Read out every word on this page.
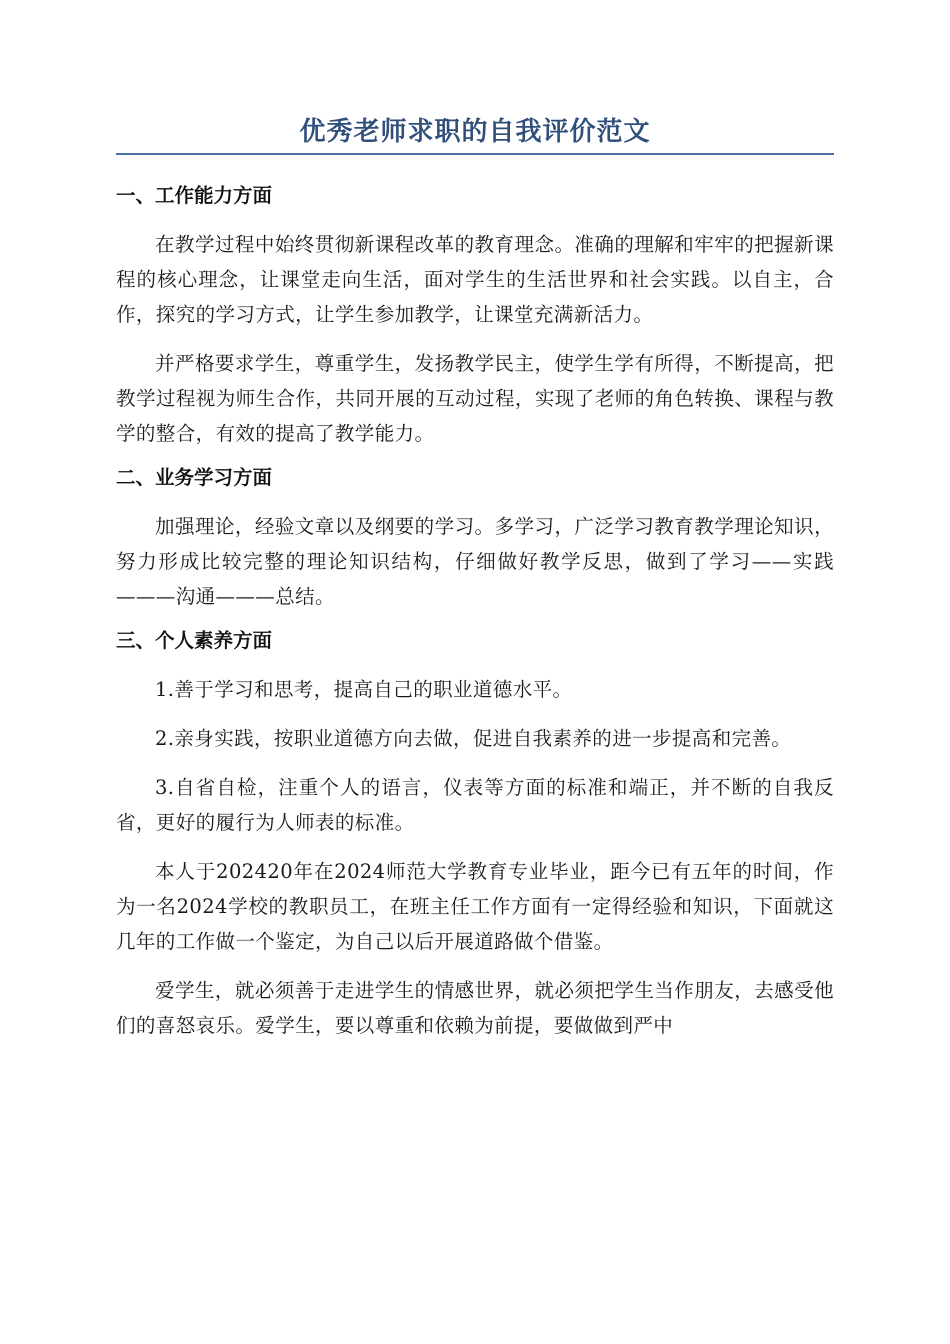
优秀老师求职的自我评价范文
一、工作能力方面

在教学过程中始终贯彻新课程改革的教育理念。准确的理解和牢牢的把握新课程的核心理念，让课堂走向生活，面对学生的生活世界和社会实践。以自主，合作，探究的学习方式，让学生参加教学，让课堂充满新活力。

并严格要求学生，尊重学生，发扬教学民主，使学生学有所得，不断提高，把教学过程视为师生合作，共同开展的互动过程，实现了老师的角色转换、课程与教学的整合，有效的提高了教学能力。

二、业务学习方面

加强理论，经验文章以及纲要的学习。多学习，广泛学习教育教学理论知识，努力形成比较完整的理论知识结构，仔细做好教学反思，做到了学习——实践———沟通———总结。

三、个人素养方面

1.善于学习和思考，提高自己的职业道德水平。

2.亲身实践，按职业道德方向去做，促进自我素养的进一步提高和完善。

3.自省自检，注重个人的语言，仪表等方面的标准和端正，并不断的自我反省，更好的履行为人师表的标准。

本人于202420年在2024师范大学教育专业毕业，距今已有五年的时间，作为一名2024学校的教职员工，在班主任工作方面有一定得经验和知识，下面就这几年的工作做一个鉴定，为自己以后开展道路做个借鉴。

爱学生，就必须善于走进学生的情感世界，就必须把学生当作朋友，去感受他们的喜怒哀乐。爱学生，要以尊重和依赖为前提，要做做到严中
